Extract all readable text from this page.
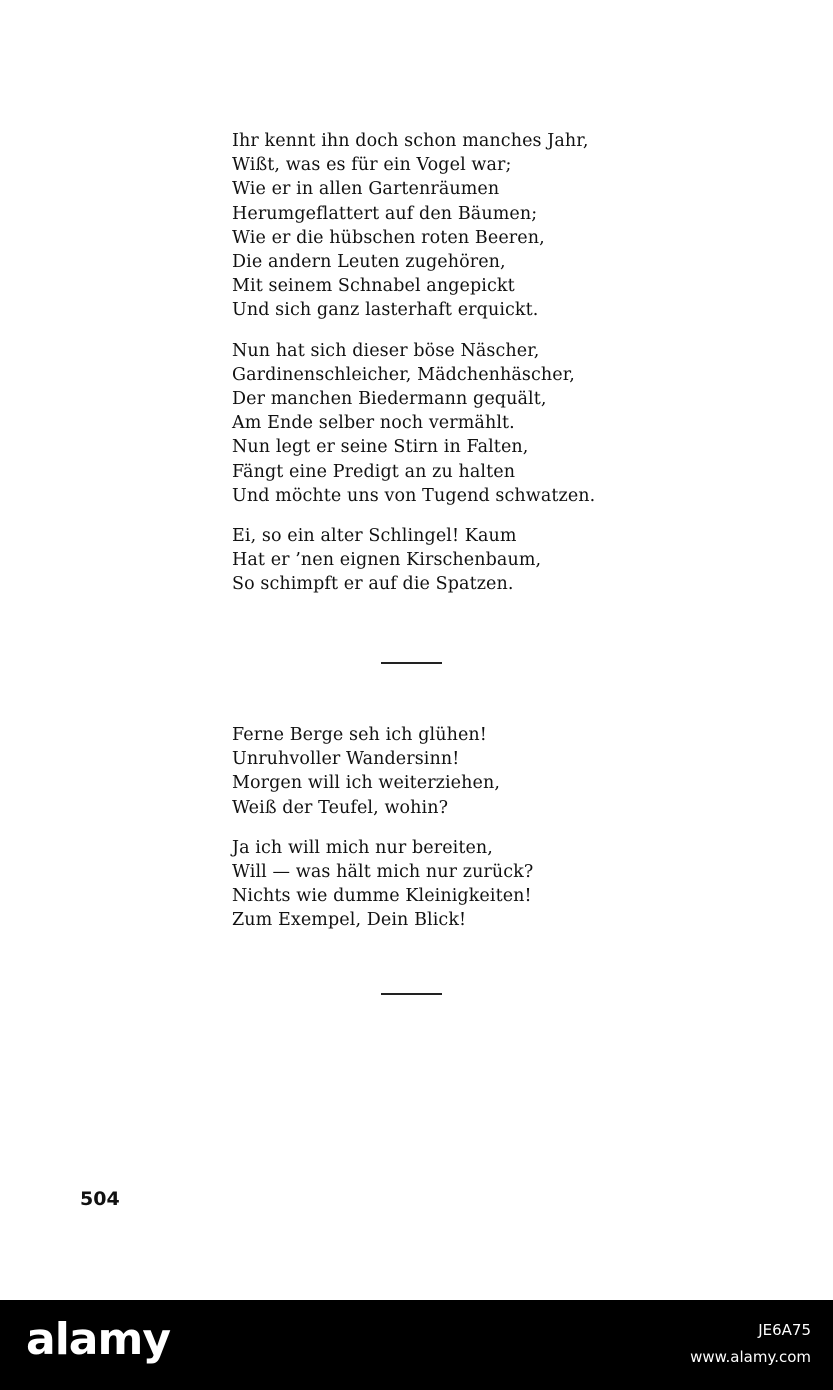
Ihr kennt ihn doch schon manches Jahr,
Wißt, was es für ein Vogel war;
Wie er in allen Gartenräumen
Herumgeflattert auf den Bäumen;
Wie er die hübschen roten Beeren,
Die andern Leuten zugehören,
Mit seinem Schnabel angepickt
Und sich ganz lasterhaft erquickt.
Nun hat sich dieser böse Näscher,
Gardinenschleicher, Mädchenhäscher,
Der manchen Biedermann gequält,
Am Ende selber noch vermählt.
Nun legt er seine Stirn in Falten,
Fängt eine Predigt an zu halten
Und möchte uns von Tugend schwatzen.
Ei, so ein alter Schlingel! Kaum
Hat er ’nen eignen Kirschenbaum,
So schimpft er auf die Spatzen.
Ferne Berge seh ich glühen!
Unruhvoller Wandersinn!
Morgen will ich weiterziehen,
Weiß der Teufel, wohin?
Ja ich will mich nur bereiten,
Will — was hält mich nur zurück?
Nichts wie dumme Kleinigkeiten!
Zum Exempel, Dein Blick!
504
alamy	JE6A75
www.alamy.com
